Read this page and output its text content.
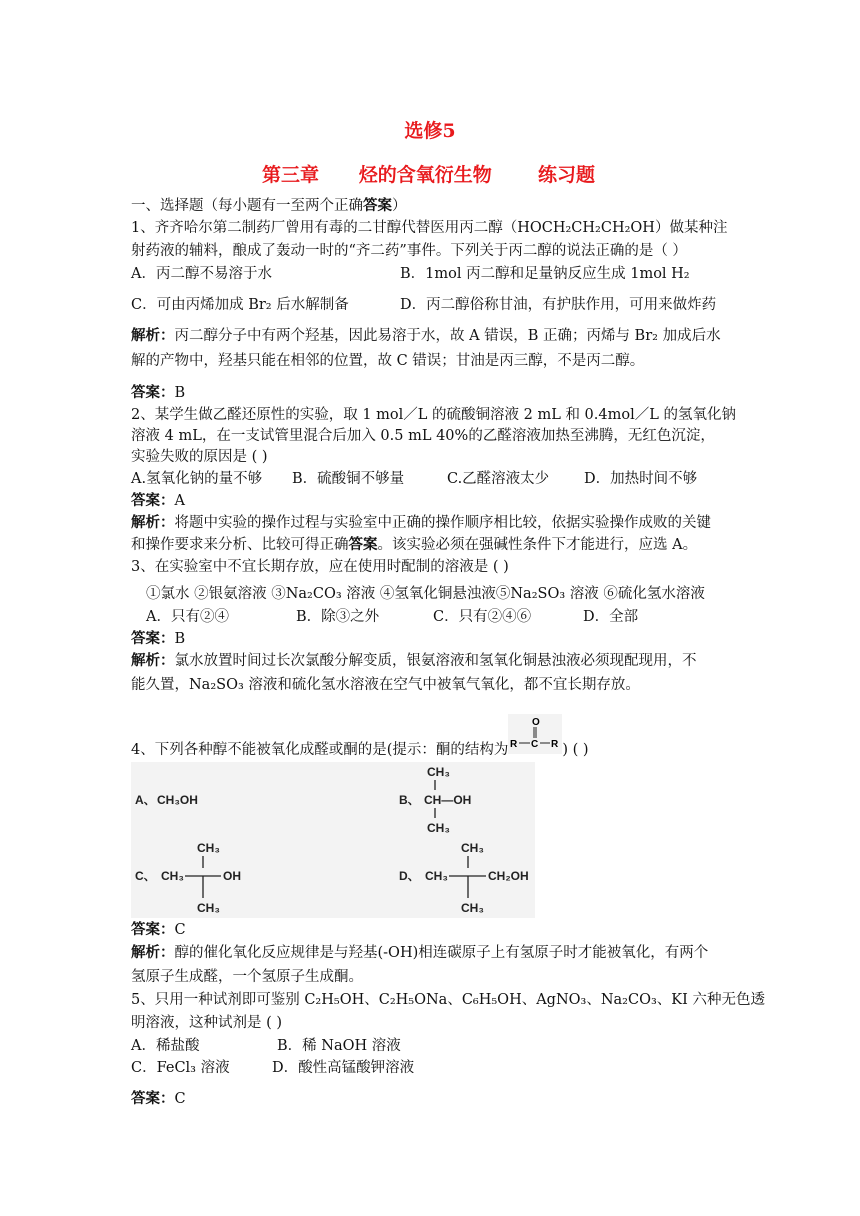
选修5
第三章 烃的含氧衍生物 练习题
一、选择题（每小题有一至两个正确答案）
1、齐齐哈尔第二制药厂曾用有毒的二甘醇代替医用丙二醇（HOCH₂CH₂CH₂OH）做某种注
射药液的辅料，酿成了轰动一时的“齐二药”事件。下列关于丙二醇的说法正确的是（ ）
A．丙二醇不易溶于水	B．1mol 丙二醇和足量钠反应生成 1mol H₂
C．可由丙烯加成 Br₂ 后水解制备	D．丙二醇俗称甘油，有护肤作用，可用来做炸药
解析：丙二醇分子中有两个羟基，因此易溶于水，故 A 错误，B 正确；丙烯与 Br₂ 加成后水
解的产物中，羟基只能在相邻的位置，故 C 错误；甘油是丙三醇，不是丙二醇。
答案：B
2、某学生做乙醛还原性的实验，取 1 mol／L 的硫酸铜溶液 2 mL 和 0.4mol／L 的氢氧化钠
溶液 4 mL，在一支试管里混合后加入 0.5 mL 40%的乙醛溶液加热至沸腾，无红色沉淀，
实验失败的原因是 ( )
A.氢氧化钠的量不够 B．硫酸铜不够量	C.乙醛溶液太少 D．加热时间不够
答案：A
解析：将题中实验的操作过程与实验室中正确的操作顺序相比较，依据实验操作成败的关键
和操作要求来分析、比较可得正确答案。该实验必须在强碱性条件下才能进行，应选 A。
3、在实验室中不宜长期存放，应在使用时配制的溶液是 ( )
①氯水 ②银氨溶液 ③Na₂CO₃ 溶液 ④氢氧化铜悬浊液⑤Na₂SO₃ 溶液 ⑥硫化氢水溶液
A．只有②④	B．除③之外	C．只有②④⑥	D．全部
答案：B
解析：氯水放置时间过长次氯酸分解变质，银氨溶液和氢氧化铜悬浊液必须现配现用，不
能久置，Na₂SO₃ 溶液和硫化氢水溶液在空气中被氧气氧化，都不宜长期存放。
4、下列各种醇不能被氧化成醛或酮的是(提示：酮的结构为
O
R C R ) ( )
A、 CH₃OH
CH₃
B、 CH—OH
CH₃
CH₃
C、 CH₃	OH
CH₃
CH₃
D、 CH₃	CH₂OH
CH₃
答案：C
解析：醇的催化氧化反应规律是与羟基(-OH)相连碳原子上有氢原子时才能被氧化，有两个
氢原子生成醛，一个氢原子生成酮。
5、只用一种试剂即可鉴别 C₂H₅OH、C₂H₅ONa、C₆H₅OH、AgNO₃、Na₂CO₃、KI 六种无色透
明溶液，这种试剂是 ( )
A．稀盐酸	B．稀 NaOH 溶液
C．FeCl₃ 溶液	D．酸性高锰酸钾溶液
答案：C
